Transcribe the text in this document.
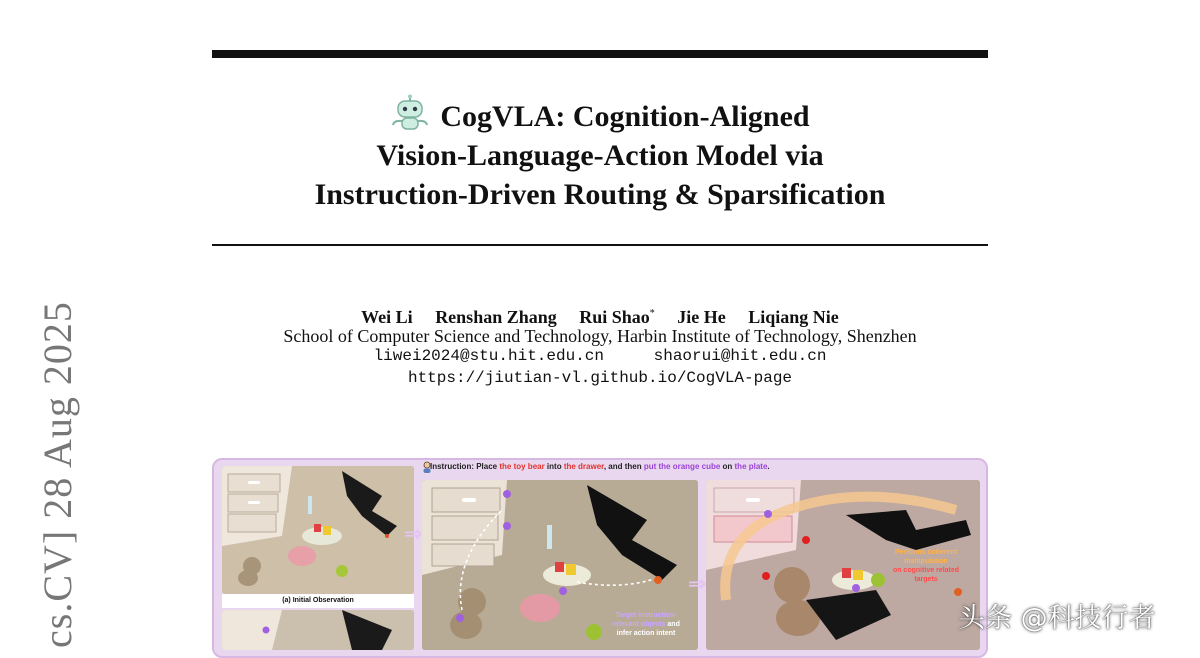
CogVLA: Cognition-Aligned
Vision-Language-Action Model via
Instruction-Driven Routing & Sparsification
Wei Li Renshan Zhang Rui Shao* Jie He Liqiang Nie
School of Computer Science and Technology, Harbin Institute of Technology, Shenzhen
liwei2024@stu.hit.edu.cn	shaorui@hit.edu.cn
https://jiutian-vl.github.io/CogVLA-page
cs.CV] 28 Aug 2025	Instruction: Place the toy bear into the drawer, and then put the orange cube on the plate.
(a) Initial Observation
⇒
Target instruction-
relevant objects and
infer action intent
⇒
Performs coherent
manipulation
on cognitive related
targets
头条 @科技行者
